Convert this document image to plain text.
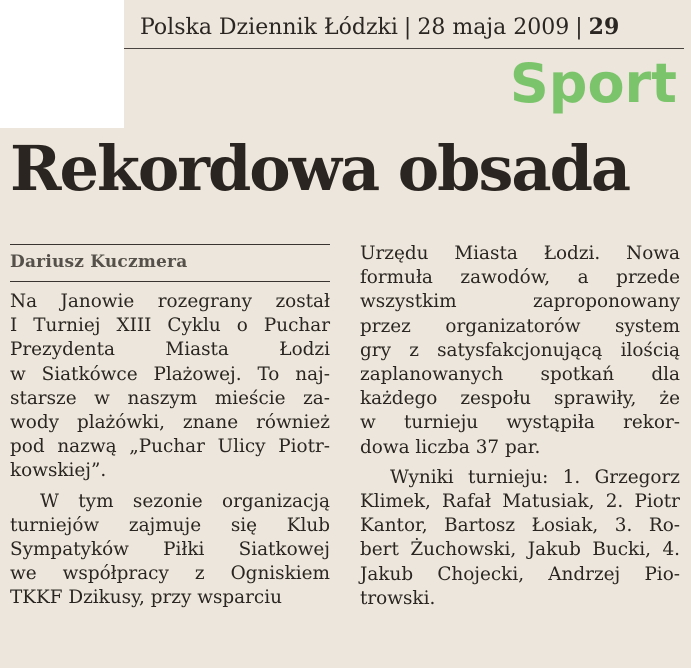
Polska Dziennik Łódzki | 28 maja 2009 | 29
Sport
Rekordowa obsada
Dariusz Kuczmera

Na Janowie rozegrany został
I Turniej XIII Cyklu o Puchar
Prezydenta	Miasta	Łodzi
w Siatkówce Plażowej. To naj-
starsze w naszym mieście za-
wody plażówki, znane również
pod nazwą „Puchar Ulicy Piotr-
kowskiej”.

W tym sezonie organizacją
turniejów zajmuje się Klub
Sympatyków Piłki Siatkowej
we współpracy z Ogniskiem
TKKF Dzikusy, przy wsparciu

Urzędu Miasta Łodzi. Nowa
formuła zawodów, a przede
wszystkim	zaproponowany
przez organizatorów system
gry z satysfakcjonującą ilością
zaplanowanych spotkań dla
każdego zespołu sprawiły, że
w turnieju wystąpiła rekor-
dowa liczba 37 par.

Wyniki turnieju: 1. Grzegorz
Klimek, Rafał Matusiak, 2. Piotr
Kantor, Bartosz Łosiak, 3. Ro-
bert Żuchowski, Jakub Bucki, 4.
Jakub Chojecki, Andrzej Pio-
trowski.
